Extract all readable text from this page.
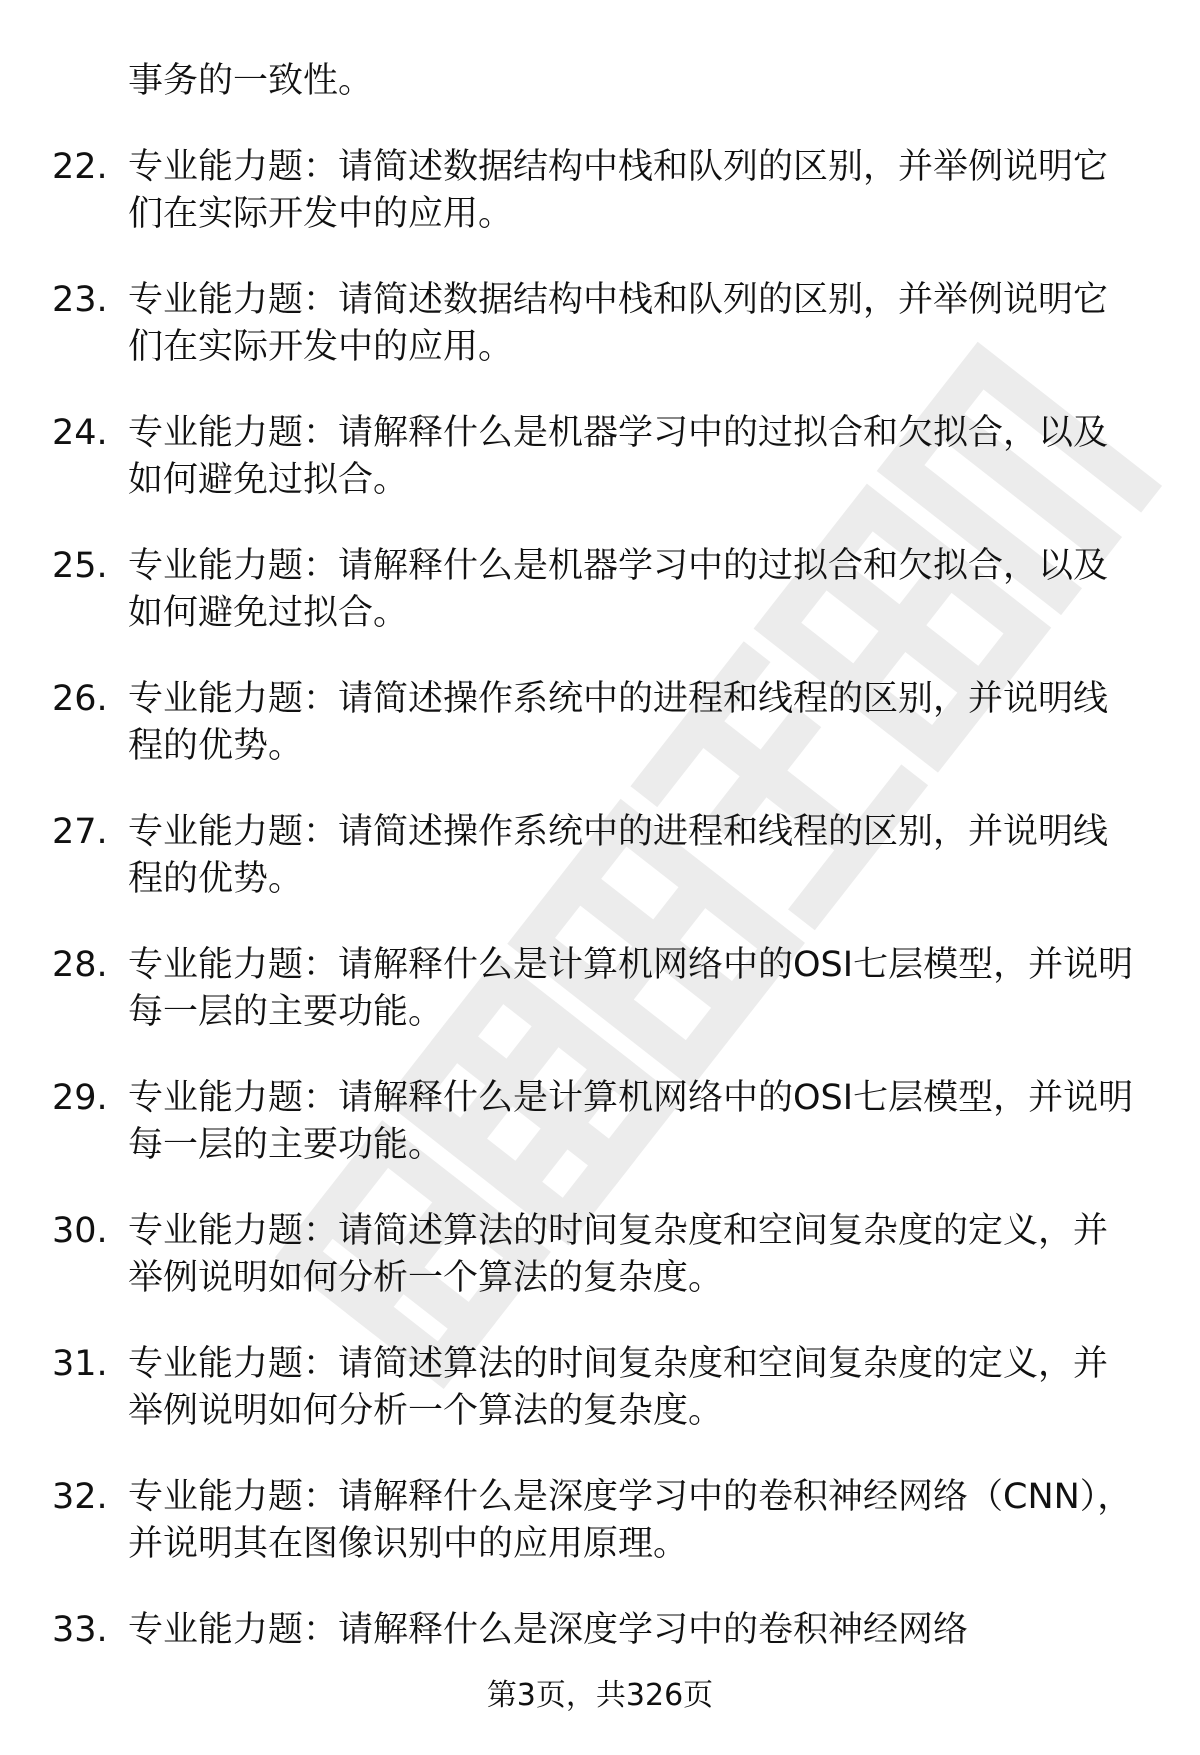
事务的一致性。
22. 专业能力题：请简述数据结构中栈和队列的区别，并举例说明它们在实际开发中的应用。
23. 专业能力题：请简述数据结构中栈和队列的区别，并举例说明它们在实际开发中的应用。
24. 专业能力题：请解释什么是机器学习中的过拟合和欠拟合，以及如何避免过拟合。
25. 专业能力题：请解释什么是机器学习中的过拟合和欠拟合，以及如何避免过拟合。
26. 专业能力题：请简述操作系统中的进程和线程的区别，并说明线程的优势。
27. 专业能力题：请简述操作系统中的进程和线程的区别，并说明线程的优势。
28. 专业能力题：请解释什么是计算机网络中的OSI七层模型，并说明每一层的主要功能。
29. 专业能力题：请解释什么是计算机网络中的OSI七层模型，并说明每一层的主要功能。
30. 专业能力题：请简述算法的时间复杂度和空间复杂度的定义，并举例说明如何分析一个算法的复杂度。
31. 专业能力题：请简述算法的时间复杂度和空间复杂度的定义，并举例说明如何分析一个算法的复杂度。
32. 专业能力题：请解释什么是深度学习中的卷积神经网络（CNN），并说明其在图像识别中的应用原理。
33. 专业能力题：请解释什么是深度学习中的卷积神经网络
第3页，共326页
